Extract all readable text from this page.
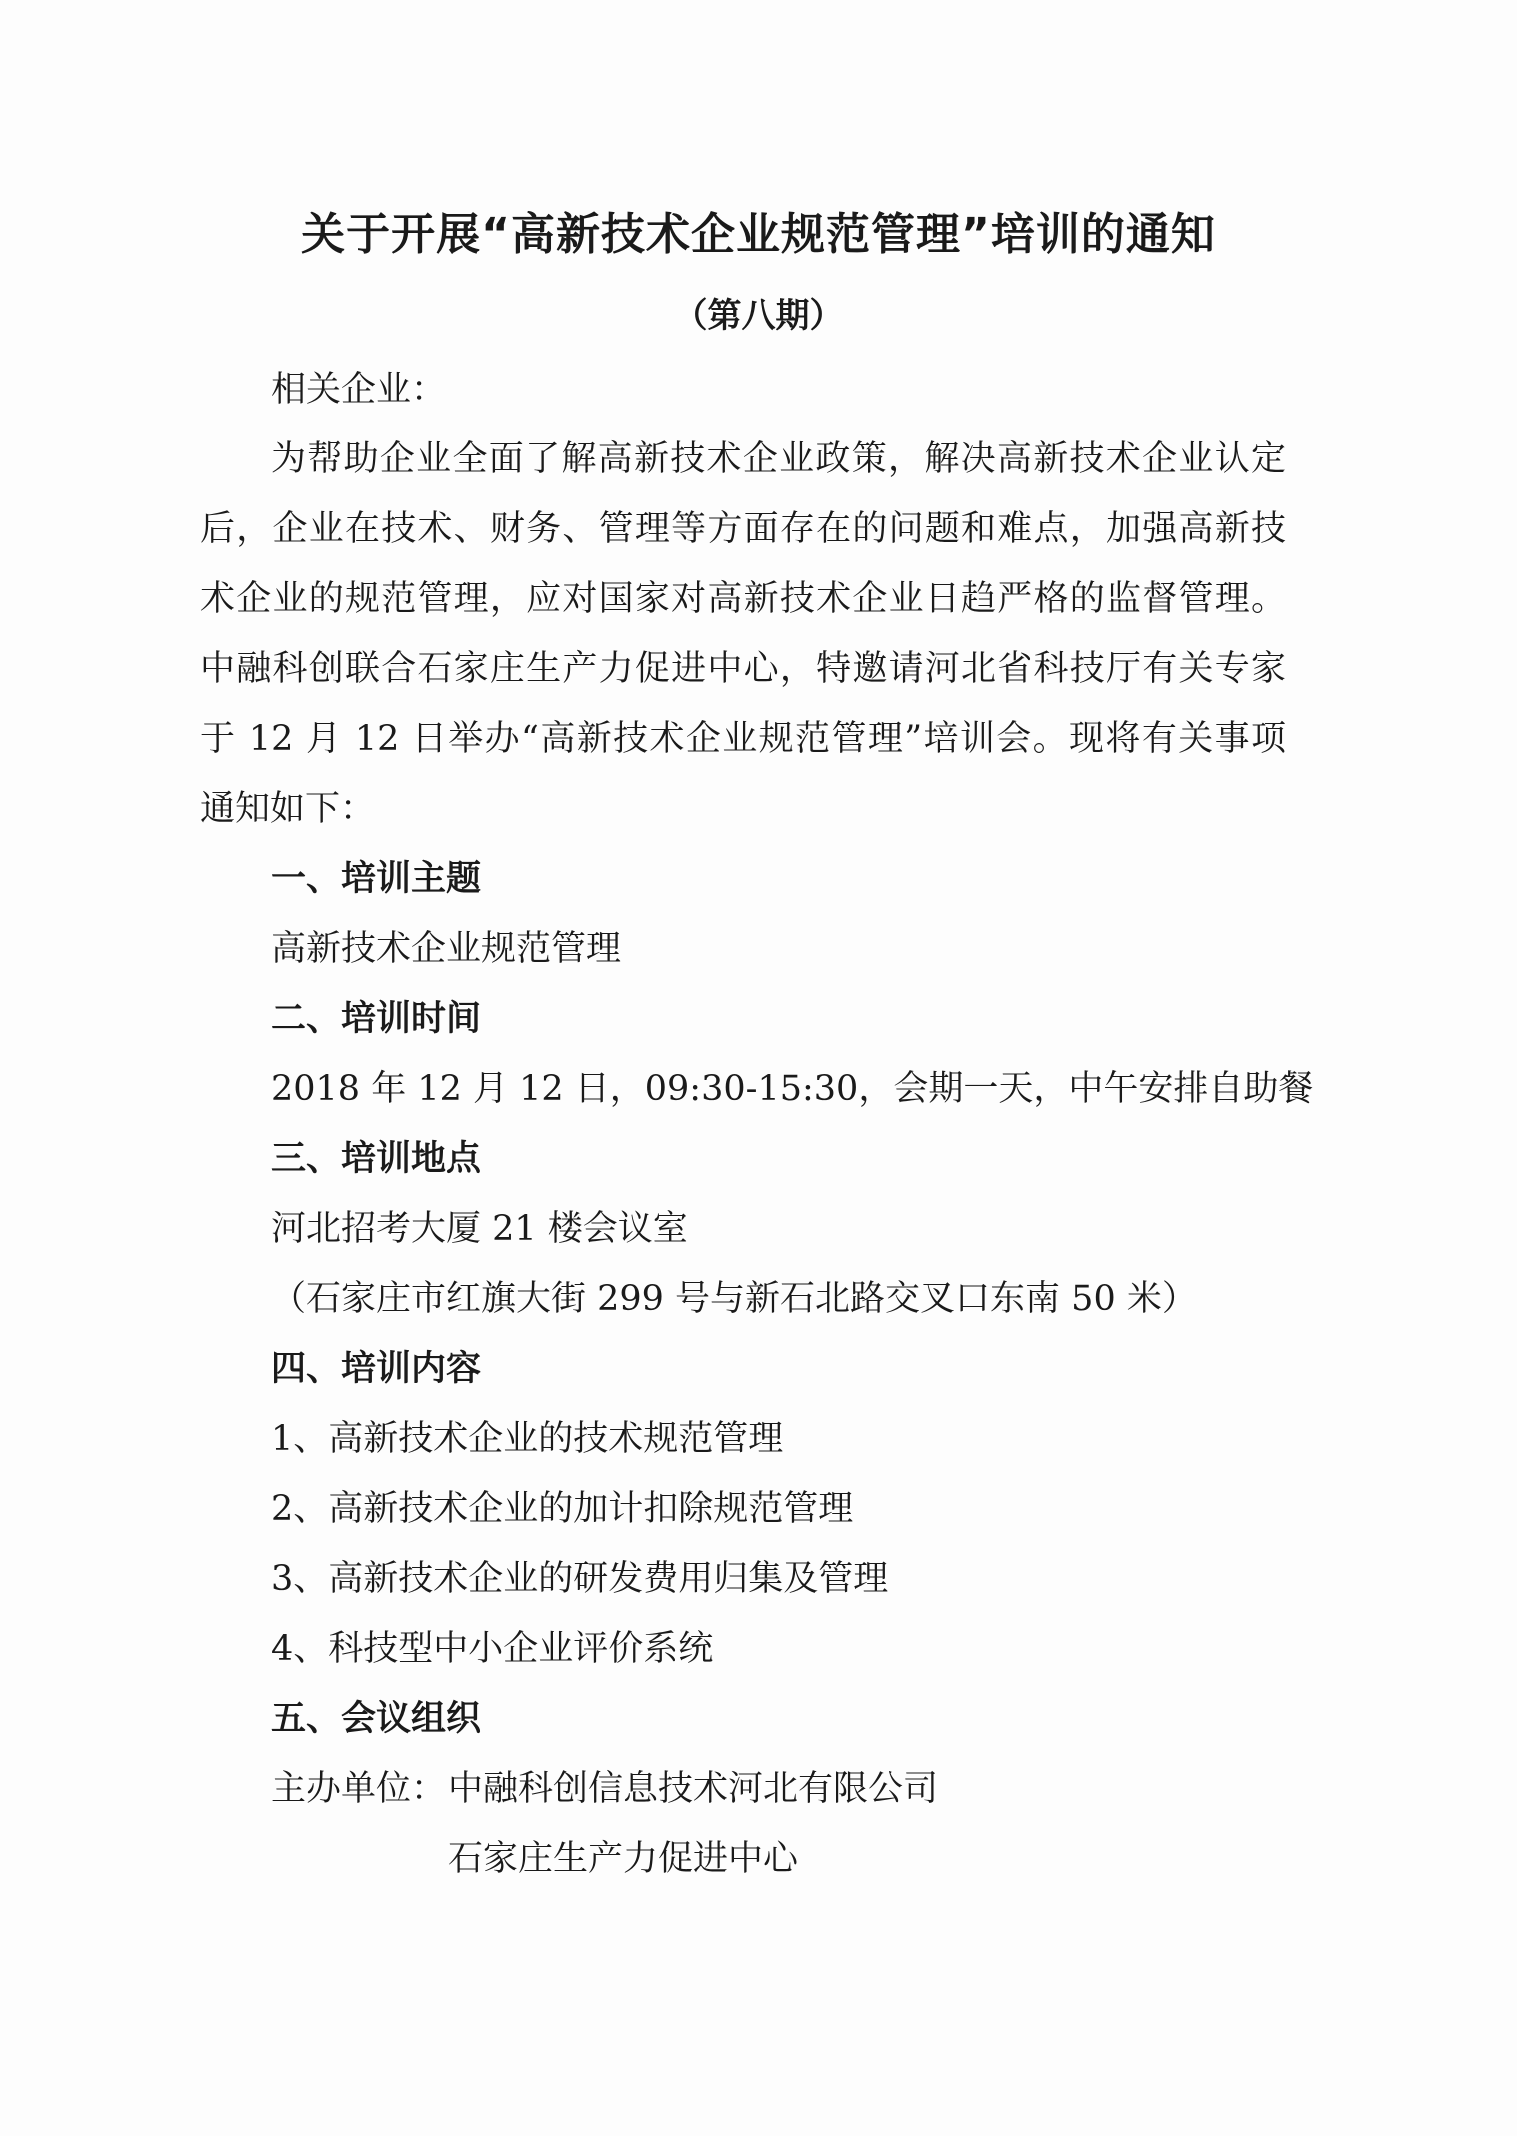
关于开展“高新技术企业规范管理”培训的通知
（第八期）
相关企业：
为帮助企业全面了解高新技术企业政策，解决高新技术企业认定
后，企业在技术、财务、管理等方面存在的问题和难点，加强高新技
术企业的规范管理，应对国家对高新技术企业日趋严格的监督管理。
中融科创联合石家庄生产力促进中心，特邀请河北省科技厅有关专家
于 12 月 12 日举办“高新技术企业规范管理”培训会。现将有关事项
通知如下：
一、培训主题
高新技术企业规范管理
二、培训时间
2018 年 12 月 12 日，09:30-15:30，会期一天，中午安排自助餐
三、培训地点
河北招考大厦 21 楼会议室
（石家庄市红旗大街 299 号与新石北路交叉口东南 50 米）
四、培训内容
1、高新技术企业的技术规范管理
2、高新技术企业的加计扣除规范管理
3、高新技术企业的研发费用归集及管理
4、科技型中小企业评价系统
五、会议组织
主办单位： 中融科创信息技术河北有限公司
石家庄生产力促进中心
